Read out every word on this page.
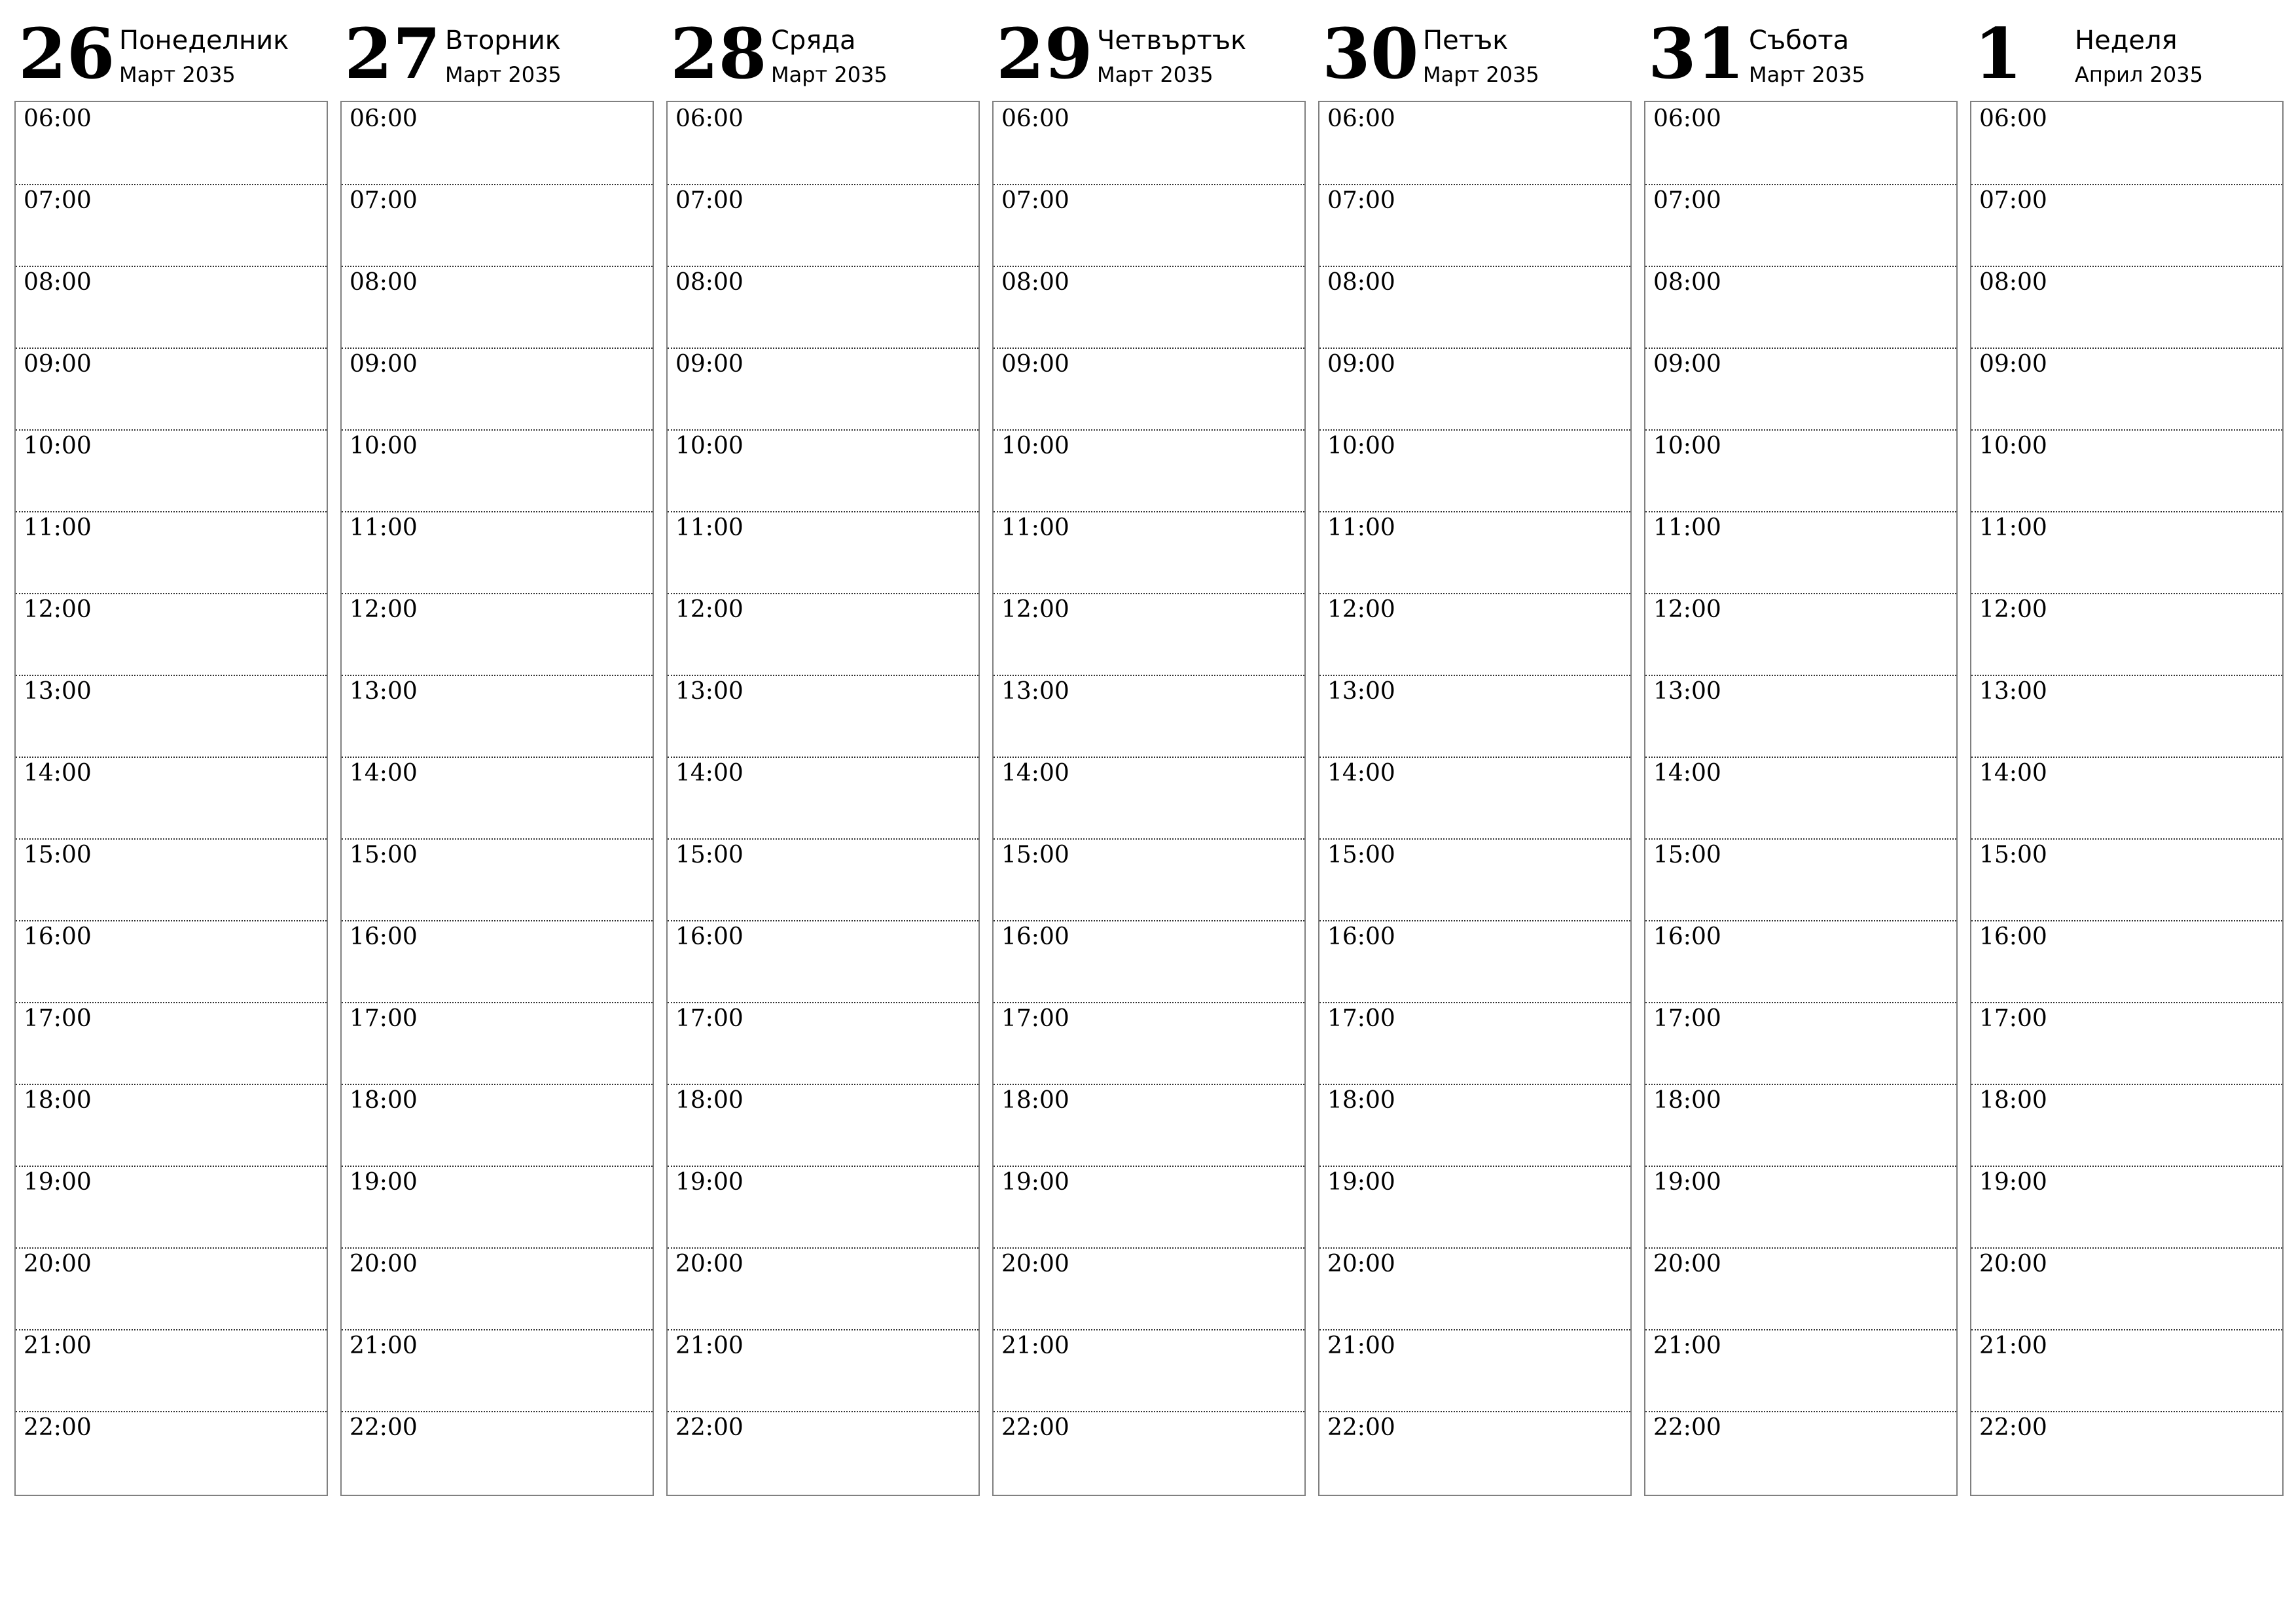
26 Понеделник
Март 2035
06:00
07:00
08:00
09:00
10:00
11:00
12:00
13:00
14:00
15:00
16:00
17:00
18:00
19:00
20:00
21:00
22:00
27 Вторник
Март 2035
06:00
07:00
08:00
09:00
10:00
11:00
12:00
13:00
14:00
15:00
16:00
17:00
18:00
19:00
20:00
21:00
22:00
28 Сряда
Март 2035
06:00
07:00
08:00
09:00
10:00
11:00
12:00
13:00
14:00
15:00
16:00
17:00
18:00
19:00
20:00
21:00
22:00
29 Четвъртък
Март 2035
06:00
07:00
08:00
09:00
10:00
11:00
12:00
13:00
14:00
15:00
16:00
17:00
18:00
19:00
20:00
21:00
22:00
30 Петък
Март 2035
06:00
07:00
08:00
09:00
10:00
11:00
12:00
13:00
14:00
15:00
16:00
17:00
18:00
19:00
20:00
21:00
22:00
31 Събота
Март 2035
06:00
07:00
08:00
09:00
10:00
11:00
12:00
13:00
14:00
15:00
16:00
17:00
18:00
19:00
20:00
21:00
22:00
1 Неделя
Април 2035
06:00
07:00
08:00
09:00
10:00
11:00
12:00
13:00
14:00
15:00
16:00
17:00
18:00
19:00
20:00
21:00
22:00
